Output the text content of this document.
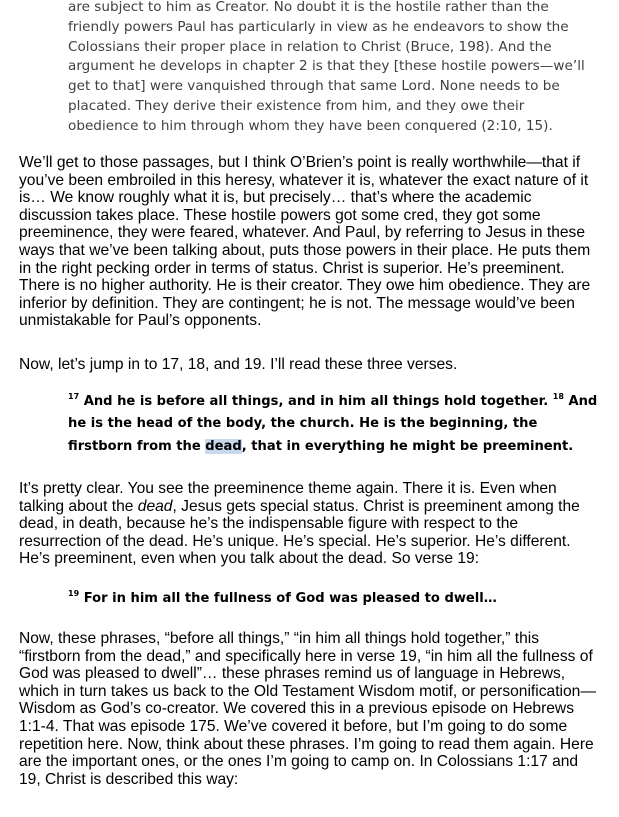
are subject to him as Creator. No doubt it is the hostile rather than the friendly powers Paul has particularly in view as he endeavors to show the Colossians their proper place in relation to Christ (Bruce, 198). And the argument he develops in chapter 2 is that they [these hostile powers—we’ll get to that] were vanquished through that same Lord. None needs to be placated. They derive their existence from him, and they owe their obedience to him through whom they have been conquered (2:10, 15).
We’ll get to those passages, but I think O’Brien’s point is really worthwhile—that if you’ve been embroiled in this heresy, whatever it is, whatever the exact nature of it is… We know roughly what it is, but precisely… that’s where the academic discussion takes place. These hostile powers got some cred, they got some preeminence, they were feared, whatever. And Paul, by referring to Jesus in these ways that we’ve been talking about, puts those powers in their place. He puts them in the right pecking order in terms of status. Christ is superior. He’s preeminent. There is no higher authority. He is their creator. They owe him obedience. They are inferior by definition. They are contingent; he is not. The message would’ve been unmistakable for Paul’s opponents.
Now, let’s jump in to 17, 18, and 19. I’ll read these three verses.
$^{17}$ And he is before all things, and in him all things hold together. $^{18}$ And he is the head of the body, the church. He is the beginning, the firstborn from the dead, that in everything he might be preeminent.
It’s pretty clear. You see the preeminence theme again. There it is. Even when talking about the dead, Jesus gets special status. Christ is preeminent among the dead, in death, because he’s the indispensable figure with respect to the resurrection of the dead. He’s unique. He’s special. He’s superior. He’s different. He’s preeminent, even when you talk about the dead. So verse 19:
$^{19}$ For in him all the fullness of God was pleased to dwell…
Now, these phrases, “before all things,” “in him all things hold together,” this “firstborn from the dead,” and specifically here in verse 19, “in him all the fullness of God was pleased to dwell”… these phrases remind us of language in Hebrews, which in turn takes us back to the Old Testament Wisdom motif, or personification—Wisdom as God’s co-creator. We covered this in a previous episode on Hebrews 1:1-4. That was episode 175. We’ve covered it before, but I’m going to do some repetition here. Now, think about these phrases. I’m going to read them again. Here are the important ones, or the ones I’m going to camp on. In Colossians 1:17 and 19, Christ is described this way:
